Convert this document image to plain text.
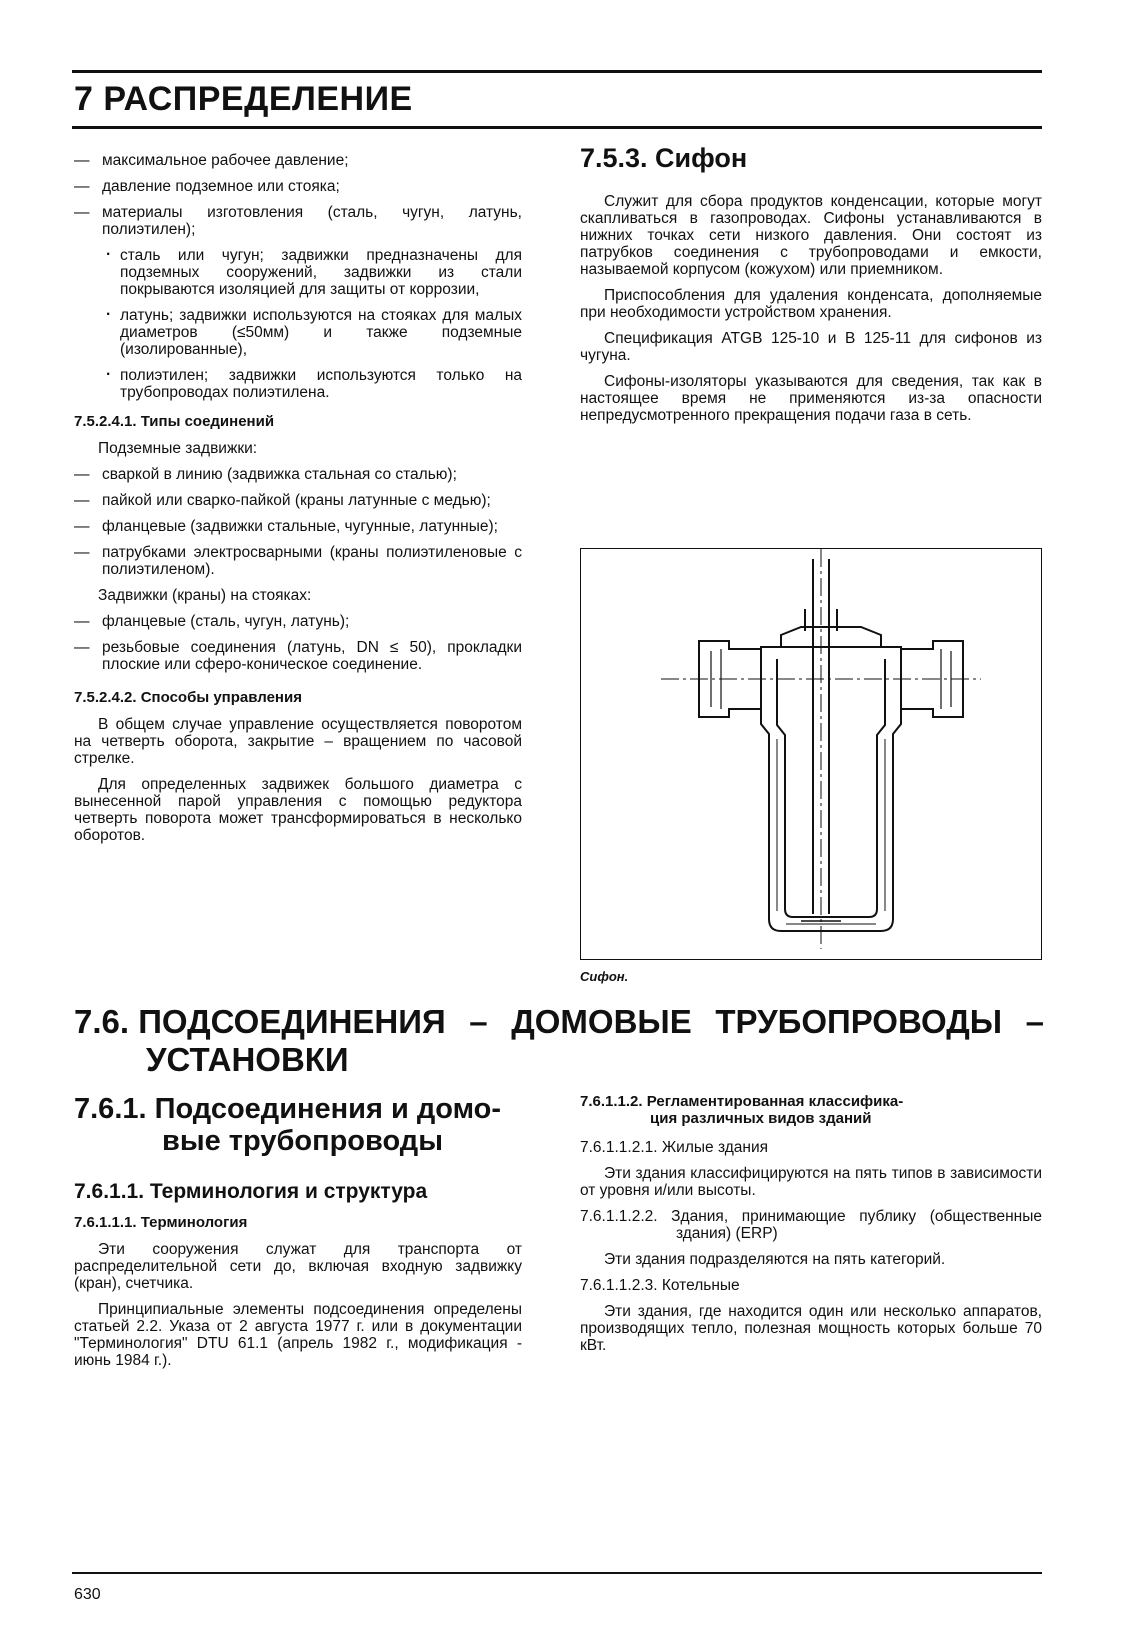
7 РАСПРЕДЕЛЕНИЕ

— максимальное рабочее давление;

— давление подземное или стояка;

— материалы изготовления (сталь, чугун, латунь, полиэтилен);

· сталь или чугун; задвижки предназначены для подземных сооружений, задвижки из стали покрываются изоляцией для защиты от коррозии,

· латунь; задвижки используются на стояках для малых диаметров (≤50мм) и также подземные (изолированные),

· полиэтилен; задвижки используются только на трубопроводах полиэтилена.

7.5.2.4.1. Типы соединений

Подземные задвижки:

— сваркой в линию (задвижка стальная со сталью);

— пайкой или сварко-пайкой (краны латунные с медью);

— фланцевые (задвижки стальные, чугунные, латунные);

— патрубками электросварными (краны полиэтиленовые с полиэтиленом).

Задвижки (краны) на стояках:

— фланцевые (сталь, чугун, латунь);

— резьбовые соединения (латунь, DN ≤ 50), прокладки плоские или сферо-коническое соединение.

7.5.2.4.2. Способы управления

В общем случае управление осуществляется поворотом на четверть оборота, закрытие – вращением по часовой стрелке.

Для определенных задвижек большого диаметра с вынесенной парой управления с помощью редуктора четверть поворота может трансформироваться в несколько оборотов.

7.5.3. Сифон

Служит для сбора продуктов конденсации, которые могут скапливаться в газопроводах. Сифоны устанавливаются в нижних точках сети низкого давления. Они состоят из патрубков соединения с трубопроводами и емкости, называемой корпусом (кожухом) или приемником.

Приспособления для удаления конденсата, дополняемые при необходимости устройством хранения.

Спецификация ATGB 125-10 и В 125-11 для сифонов из чугуна.

Сифоны-изоляторы указываются для сведения, так как в настоящее время не применяются из-за опасности непредусмотренного прекращения подачи газа в сеть.

Сифон.
7.6. ПОДСОЕДИНЕНИЯ – ДОМОВЫЕ ТРУБОПРОВОДЫ –
УСТАНОВКИ
7.6.1. Подсоединения и домо-
вые трубопроводы
7.6.1.1. Терминология и структура
7.6.1.1.1. Терминология

Эти сооружения служат для транспорта от распределительной сети до, включая входную задвижку (кран), счетчика.

Принципиальные элементы подсоединения определены статьей 2.2. Указа от 2 августа 1977 г. или в документации "Терминология" DTU 61.1 (апрель 1982 г., модификация - июнь 1984 г.).

7.6.1.1.2. Регламентированная классифика-
ция различных видов зданий

7.6.1.1.2.1. Жилые здания

Эти здания классифицируются на пять типов в зависимости от уровня и/или высоты.

7.6.1.1.2.2. Здания, принимающие публику (общественные здания) (ERP)

Эти здания подразделяются на пять категорий.

7.6.1.1.2.3. Котельные

Эти здания, где находится один или несколько аппаратов, производящих тепло, полезная мощность которых больше 70 кВт.

630
